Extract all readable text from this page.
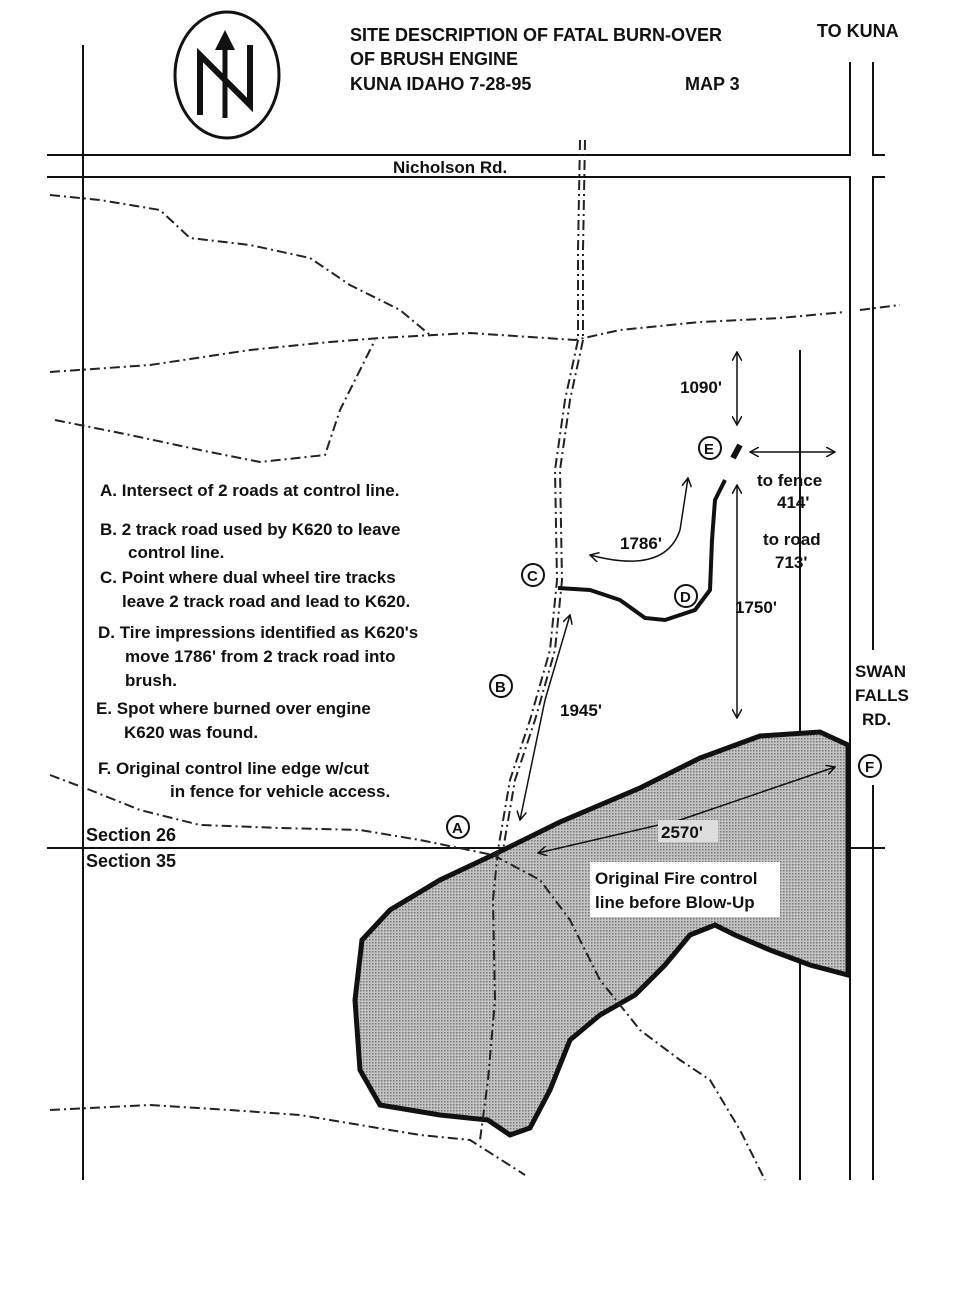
SITE DESCRIPTION OF FATAL BURN-OVER
OF BRUSH ENGINE
KUNA IDAHO 7-28-95	MAP 3
TO KUNA
Nicholson Rd.
1090'
to fence
414'
to road
713'
1786'
1750'
1945'
2570'
Original Fire control
line before Blow-Up
SWAN
FALLS
RD.
Section 26
Section 35
A
B
C
D
E
F
A. Intersect of 2 roads at control line.
B. 2 track road used by K620 to leave
control line.
C. Point where dual wheel tire tracks
leave 2 track road and lead to K620.
D. Tire impressions identified as K620's
move 1786' from 2 track road into
brush.
E. Spot where burned over engine
K620 was found.
F. Original control line edge w/cut
in fence for vehicle access.
